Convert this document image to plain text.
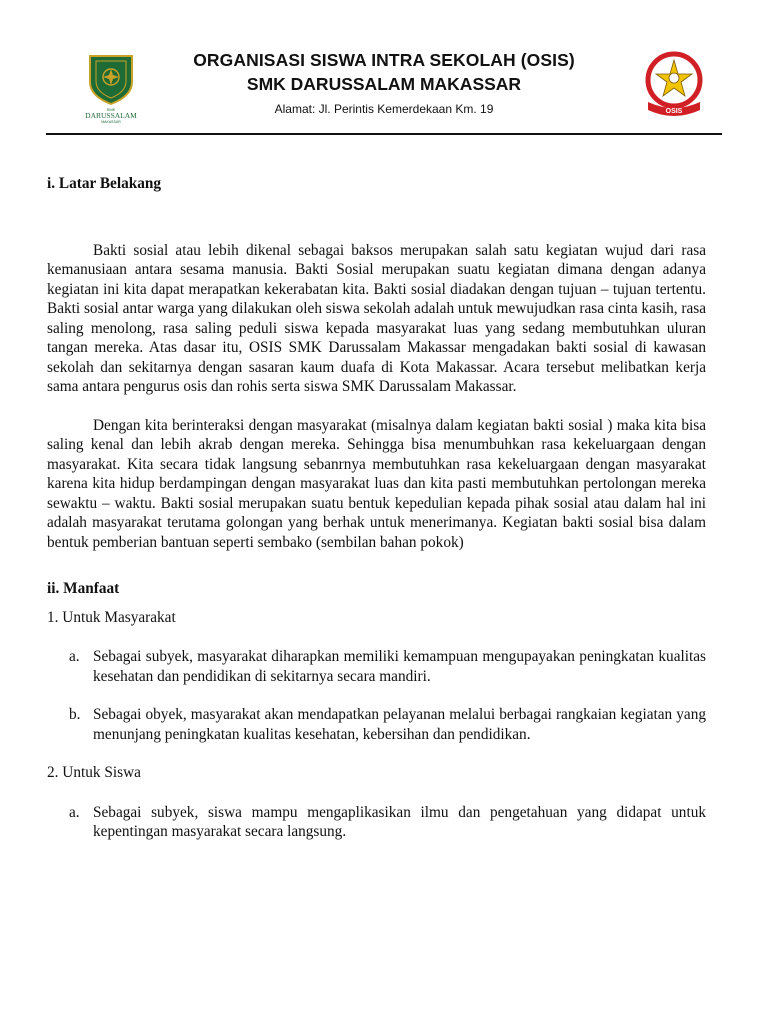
SMK
DARUSSALAM
MAKASSAR
ORGANISASI SISWA INTRA SEKOLAH (OSIS)
SMK DARUSSALAM MAKASSAR
Alamat: Jl. Perintis Kemerdekaan Km. 19	OSIS

i. Latar Belakang

Bakti sosial atau lebih dikenal sebagai baksos merupakan salah satu kegiatan wujud dari rasa kemanusiaan antara sesama manusia. Bakti Sosial merupakan suatu kegiatan dimana dengan adanya kegiatan ini kita dapat merapatkan kekerabatan kita. Bakti sosial diadakan dengan tujuan – tujuan tertentu. Bakti sosial antar warga yang dilakukan oleh siswa sekolah adalah untuk mewujudkan rasa cinta kasih, rasa saling menolong, rasa saling peduli siswa kepada masyarakat luas yang sedang membutuhkan uluran tangan mereka. Atas dasar itu, OSIS SMK Darussalam Makassar mengadakan bakti sosial di kawasan sekolah dan sekitarnya dengan sasaran kaum duafa di Kota Makassar. Acara tersebut melibatkan kerja sama antara pengurus osis dan rohis serta siswa SMK Darussalam Makassar.

Dengan kita berinteraksi dengan masyarakat (misalnya dalam kegiatan bakti sosial ) maka kita bisa saling kenal dan lebih akrab dengan mereka. Sehingga bisa menumbuhkan rasa kekeluargaan dengan masyarakat. Kita secara tidak langsung sebanrnya membutuhkan rasa kekeluargaan dengan masyarakat karena kita hidup berdampingan dengan masyarakat luas dan kita pasti membutuhkan pertolongan mereka sewaktu – waktu. Bakti sosial merupakan suatu bentuk kepedulian kepada pihak sosial atau dalam hal ini adalah masyarakat terutama golongan yang berhak untuk menerimanya. Kegiatan bakti sosial bisa dalam bentuk pemberian bantuan seperti sembako (sembilan bahan pokok)

ii. Manfaat

1. Untuk Masyarakat

a. Sebagai subyek, masyarakat diharapkan memiliki kemampuan mengupayakan peningkatan kualitas kesehatan dan pendidikan di sekitarnya secara mandiri.
b. Sebagai obyek, masyarakat akan mendapatkan pelayanan melalui berbagai rangkaian kegiatan yang menunjang peningkatan kualitas kesehatan, kebersihan dan pendidikan.

2. Untuk Siswa

a. Sebagai subyek, siswa mampu mengaplikasikan ilmu dan pengetahuan yang didapat untuk kepentingan masyarakat secara langsung.
